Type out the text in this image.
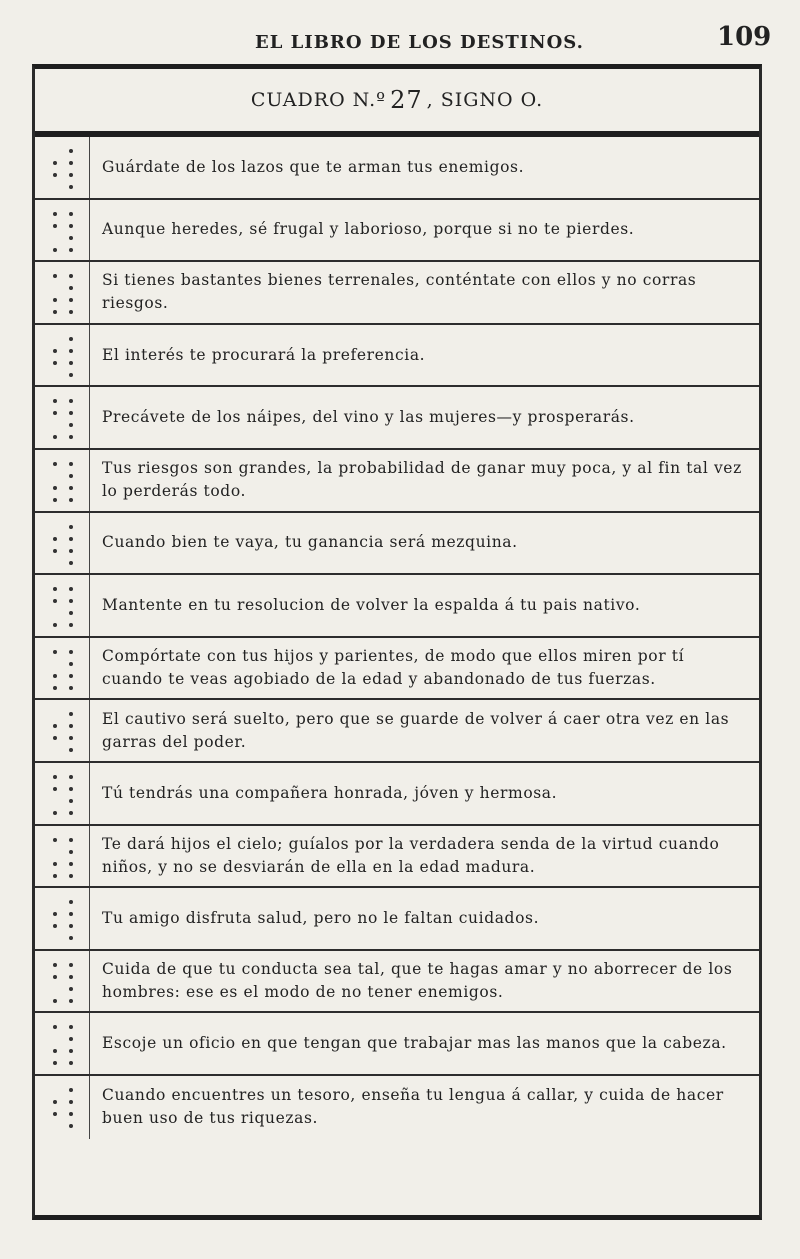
EL LIBRO DE LOS DESTINOS.	109
CUADRO N.º 27 , SIGNO O.
Guárdate de los lazos que te arman tus enemigos.
Aunque heredes, sé frugal y laborioso, porque si no te pierdes.
Si tienes bastantes bienes terrenales, conténtate con ellos y no corras riesgos.
El interés te procurará la preferencia.
Precávete de los náipes, del vino y las mujeres—y prosperarás.
Tus riesgos son grandes, la probabilidad de ganar muy poca, y al fin tal vez lo perderás todo.
Cuando bien te vaya, tu ganancia será mezquina.
Mantente en tu resolucion de volver la espalda á tu pais nativo.
Compórtate con tus hijos y parientes, de modo que ellos miren por tí cuando te veas agobiado de la edad y abandonado de tus fuerzas.
El cautivo será suelto, pero que se guarde de volver á caer otra vez en las garras del poder.
Tú tendrás una compañera honrada, jóven y hermosa.
Te dará hijos el cielo; guíalos por la verdadera senda de la virtud cuando niños, y no se desviarán de ella en la edad madura.
Tu amigo disfruta salud, pero no le faltan cuidados.
Cuida de que tu conducta sea tal, que te hagas amar y no aborrecer de los hombres: ese es el modo de no tener enemigos.
Escoje un oficio en que tengan que trabajar mas las manos que la cabeza.
Cuando encuentres un tesoro, enseña tu lengua á callar, y cuida de hacer buen uso de tus riquezas.
